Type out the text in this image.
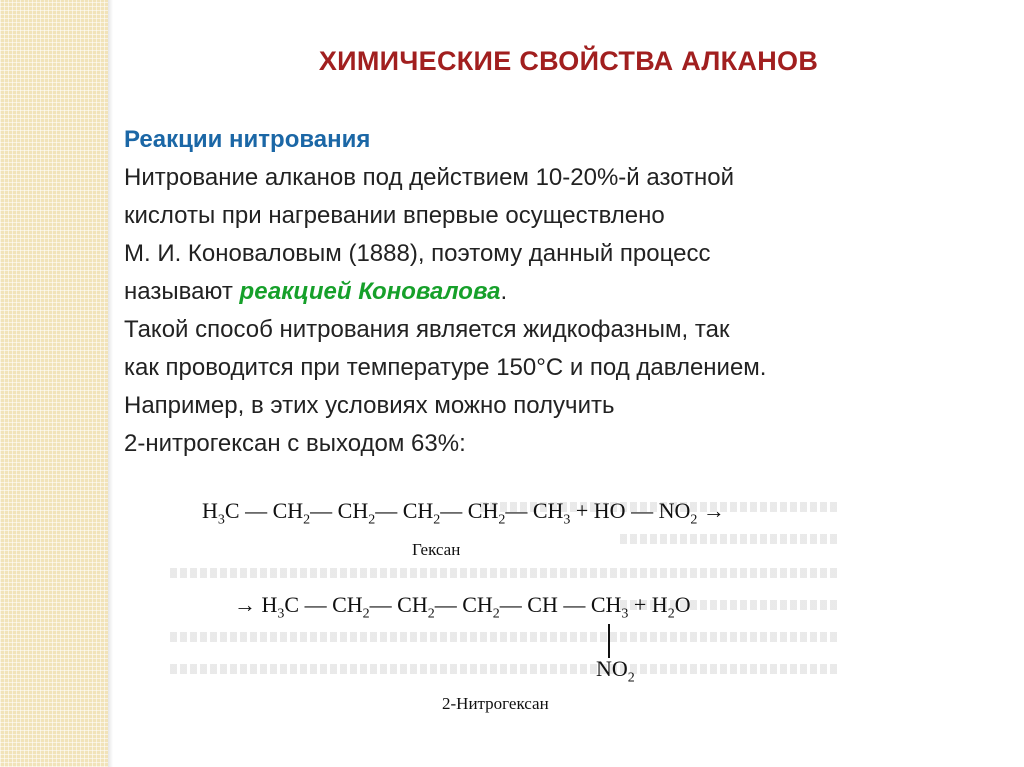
ХИМИЧЕСКИЕ СВОЙСТВА АЛКАНОВ

Реакции нитрования

Нитрование алканов под действием 10-20%-й азотной

кислоты при нагревании впервые осуществлено

М. И. Коноваловым (1888), поэтому данный процесс

называют реакцией Коновалова.

Такой способ нитрования является жидкофазным, так

как проводится при температуре 150°С и под давлением.

Например, в этих условиях можно получить

2-нитрогексан с выходом 63%:

$H_3C$ — $CH_2—$ $CH_2—$ $CH_2—$ $CH_2—$ $CH_3$ + HO — $NO_2$ →
Гексан
→ $H_3C$ — $CH_2—$ $CH_2—$ $CH_2—$ CH — $CH_3 + H_2O$
$NO_2$
2-Нитрогексан
